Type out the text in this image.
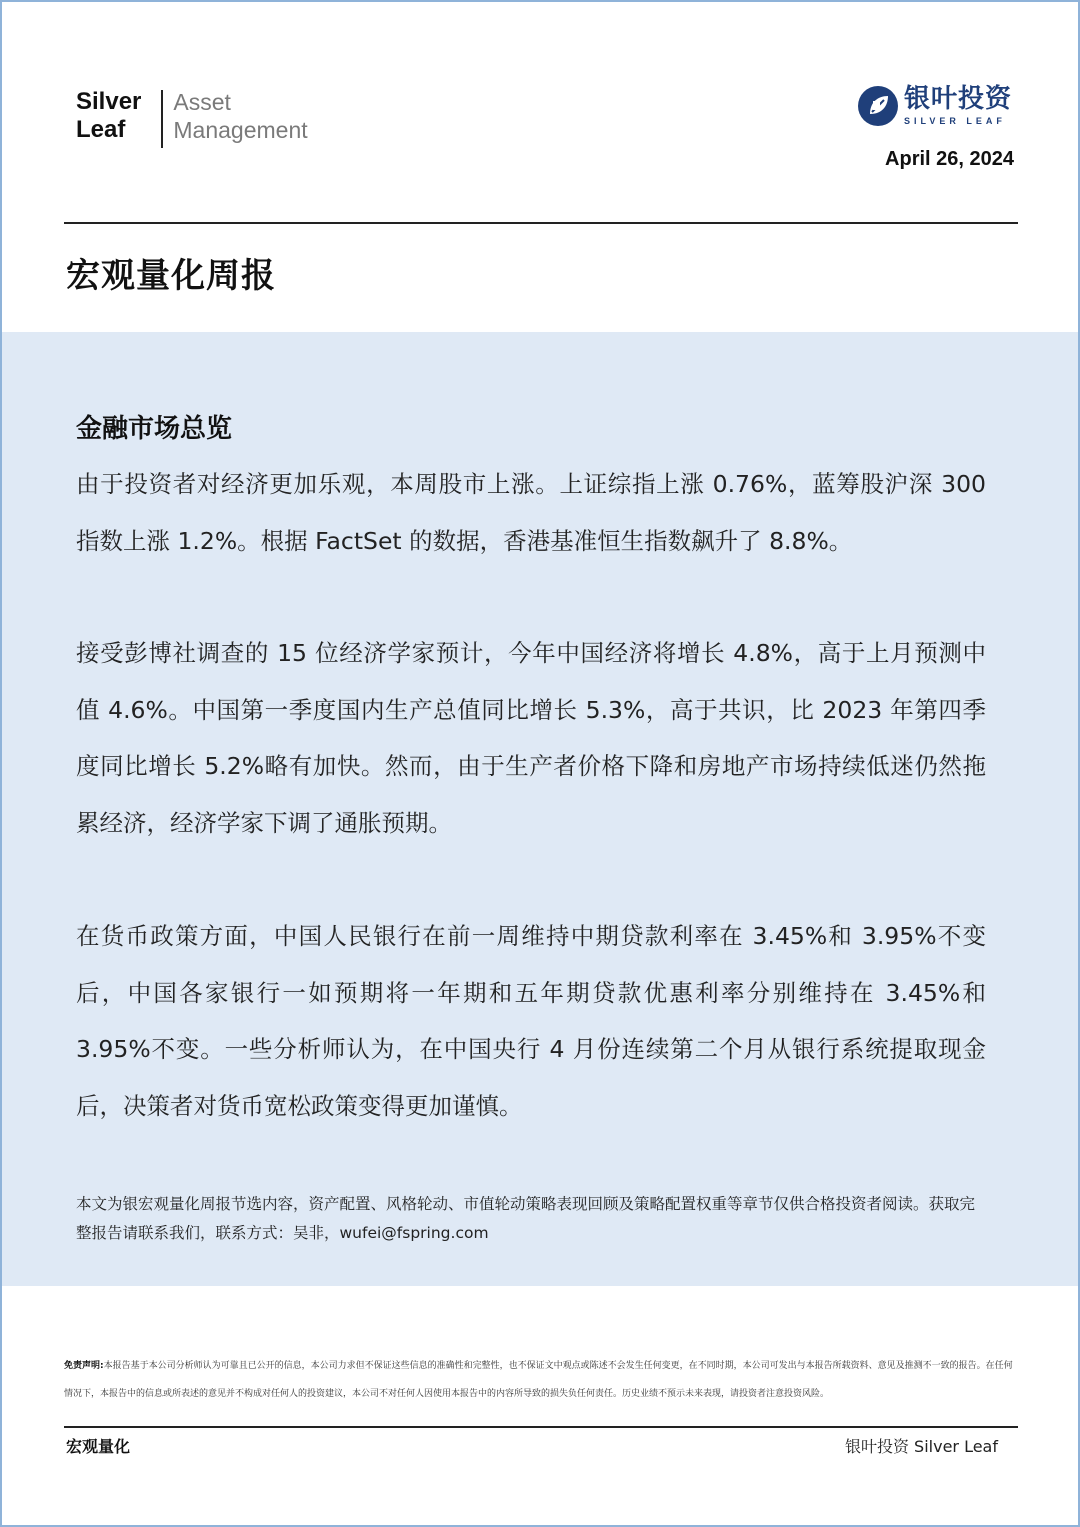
Silver
Leaf
Asset
Management
银叶投资
SILVER LEAF
April 26, 2024
宏观量化周报
金融市场总览

由于投资者对经济更加乐观，本周股市上涨。上证综指上涨 0.76%，蓝筹股沪深 300 指数上涨 1.2%。根据 FactSet 的数据，香港基准恒生指数飙升了 8.8%。

接受彭博社调查的 15 位经济学家预计，今年中国经济将增长 4.8%，高于上月预测中值 4.6%。中国第一季度国内生产总值同比增长 5.3%，高于共识，比 2023 年第四季度同比增长 5.2%略有加快。然而，由于生产者价格下降和房地产市场持续低迷仍然拖累经济，经济学家下调了通胀预期。

在货币政策方面，中国人民银行在前一周维持中期贷款利率在 3.45%和 3.95%不变后，中国各家银行一如预期将一年期和五年期贷款优惠利率分别维持在 3.45%和 3.95%不变。一些分析师认为，在中国央行 4 月份连续第二个月从银行系统提取现金后，决策者对货币宽松政策变得更加谨慎。

本文为银宏观量化周报节选内容，资产配置、风格轮动、市值轮动策略表现回顾及策略配置权重等章节仅供合格投资者阅读。获取完整报告请联系我们，联系方式：吴非，wufei@fspring.com

免责声明:本报告基于本公司分析师认为可靠且已公开的信息，本公司力求但不保证这些信息的准确性和完整性，也不保证文中观点或陈述不会发生任何变更，在不同时期，本公司可发出与本报告所载资料、意见及推测不一致的报告。在任何情况下，本报告中的信息或所表述的意见并不构成对任何人的投资建议，本公司不对任何人因使用本报告中的内容所导致的损失负任何责任。历史业绩不预示未来表现，请投资者注意投资风险。

宏观量化	银叶投资 Silver Leaf
